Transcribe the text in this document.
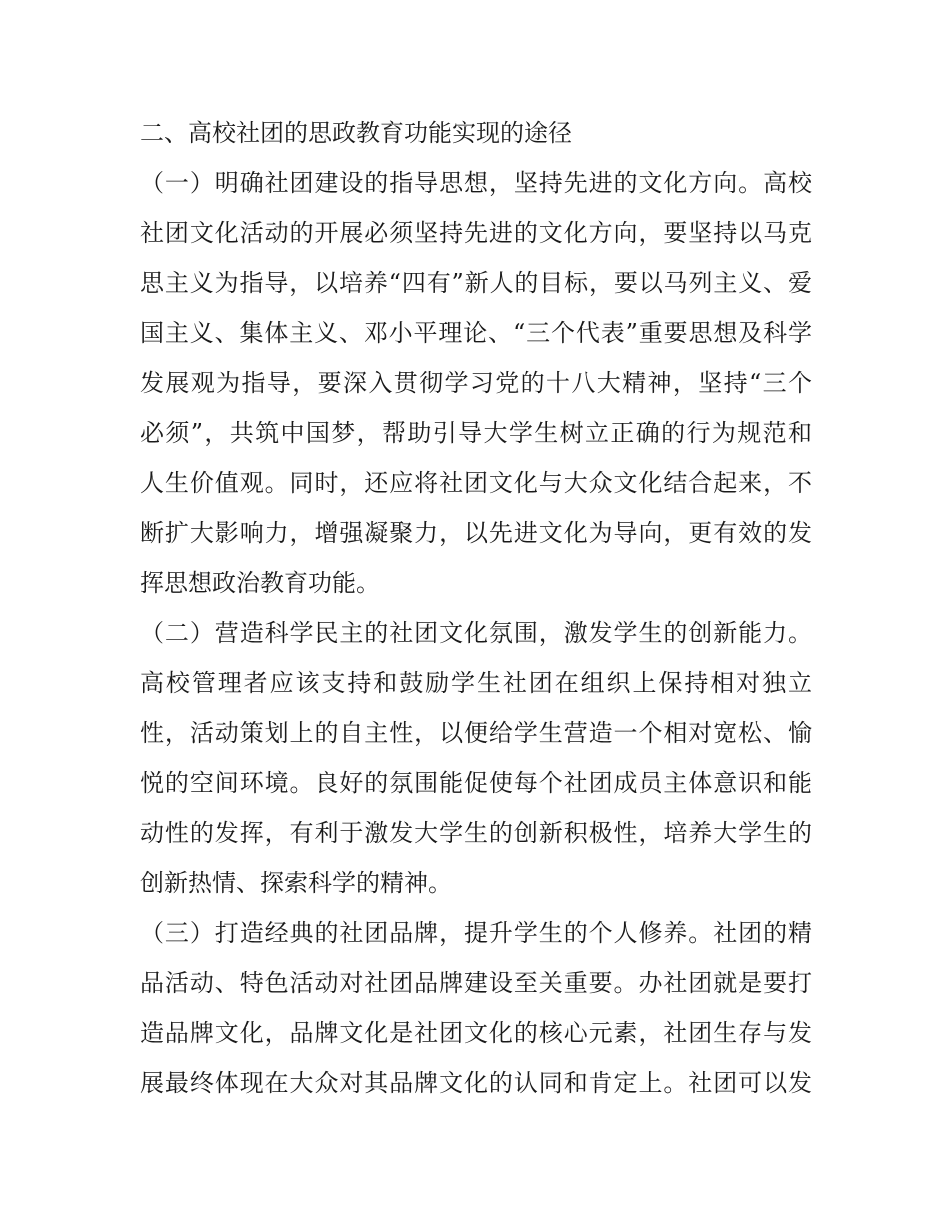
二、高校社团的思政教育功能实现的途径
（一）明确社团建设的指导思想，坚持先进的文化方向。高校
社团文化活动的开展必须坚持先进的文化方向，要坚持以马克
思主义为指导，以培养“四有”新人的目标，要以马列主义、爱
国主义、集体主义、邓小平理论、“三个代表”重要思想及科学
发展观为指导，要深入贯彻学习党的十八大精神，坚持“三个
必须”，共筑中国梦，帮助引导大学生树立正确的行为规范和
人生价值观。同时，还应将社团文化与大众文化结合起来，不
断扩大影响力，增强凝聚力，以先进文化为导向，更有效的发
挥思想政治教育功能。
（二）营造科学民主的社团文化氛围，激发学生的创新能力。
高校管理者应该支持和鼓励学生社团在组织上保持相对独立
性，活动策划上的自主性，以便给学生营造一个相对宽松、愉
悦的空间环境。良好的氛围能促使每个社团成员主体意识和能
动性的发挥，有利于激发大学生的创新积极性，培养大学生的
创新热情、探索科学的精神。
（三）打造经典的社团品牌，提升学生的个人修养。社团的精
品活动、特色活动对社团品牌建设至关重要。办社团就是要打
造品牌文化，品牌文化是社团文化的核心元素，社团生存与发
展最终体现在大众对其品牌文化的认同和肯定上。社团可以发
